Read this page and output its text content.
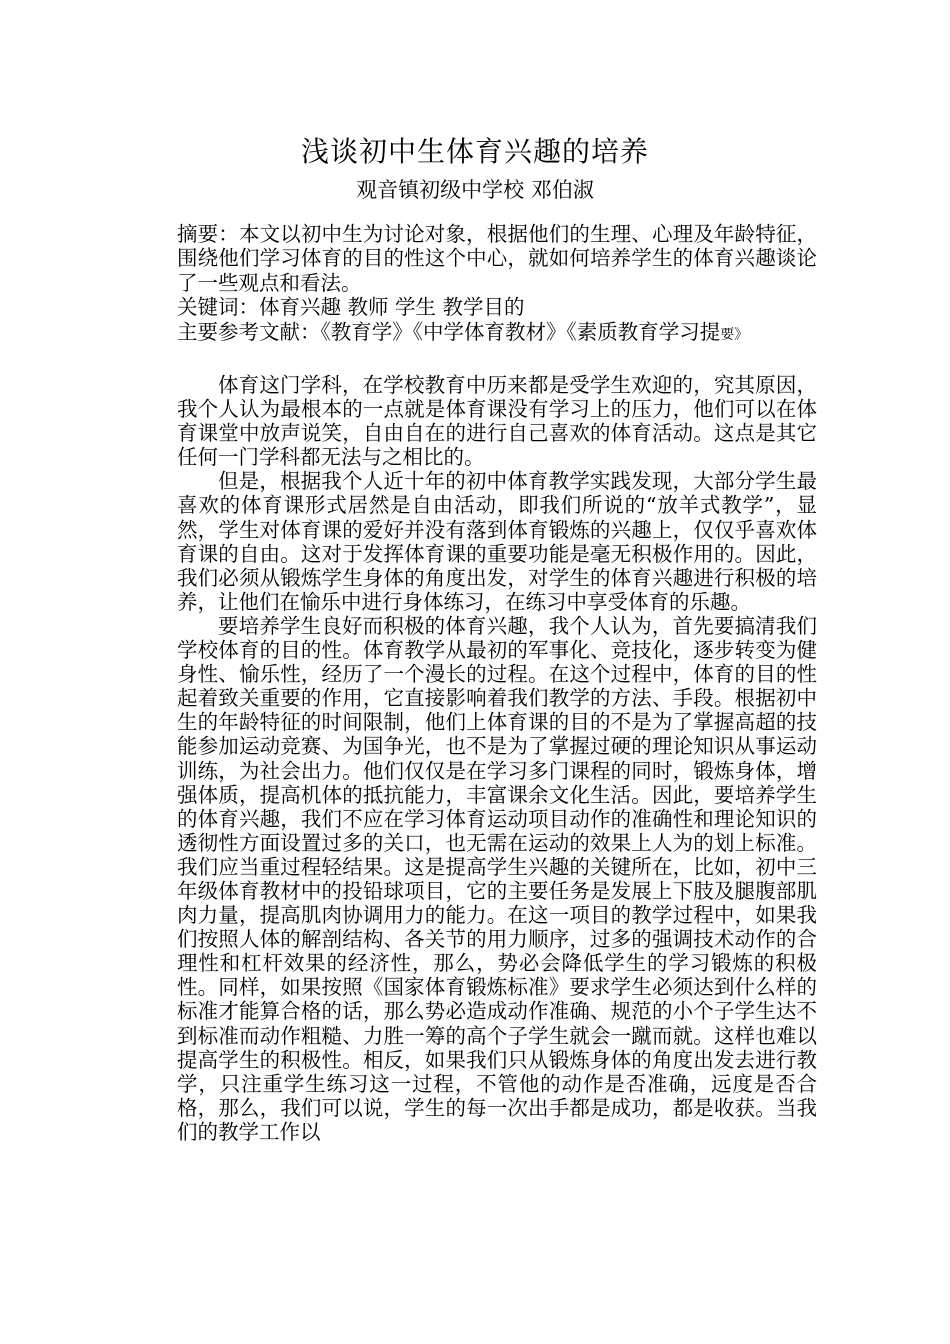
浅谈初中生体育兴趣的培养
观音镇初级中学校 邓伯淑

摘要：本文以初中生为讨论对象，根据他们的生理、心理及年龄特征，围绕他们学习体育的目的性这个中心，就如何培养学生的体育兴趣谈论了一些观点和看法。

关键词：体育兴趣 教师 学生 教学目的

主要参考文献：《教育学》《中学体育教材》《素质教育学习提要》

体育这门学科，在学校教育中历来都是受学生欢迎的，究其原因，我个人认为最根本的一点就是体育课没有学习上的压力，他们可以在体育课堂中放声说笑，自由自在的进行自己喜欢的体育活动。这点是其它任何一门学科都无法与之相比的。

但是，根据我个人近十年的初中体育教学实践发现，大部分学生最喜欢的体育课形式居然是自由活动，即我们所说的“放羊式教学”，显然，学生对体育课的爱好并没有落到体育锻炼的兴趣上，仅仅乎喜欢体育课的自由。这对于发挥体育课的重要功能是毫无积极作用的。因此，我们必须从锻炼学生身体的角度出发，对学生的体育兴趣进行积极的培养，让他们在愉乐中进行身体练习，在练习中享受体育的乐趣。

要培养学生良好而积极的体育兴趣，我个人认为，首先要搞清我们学校体育的目的性。体育教学从最初的军事化、竞技化，逐步转变为健身性、愉乐性，经历了一个漫长的过程。在这个过程中，体育的目的性起着致关重要的作用，它直接影响着我们教学的方法、手段。根据初中生的年龄特征的时间限制，他们上体育课的目的不是为了掌握高超的技能参加运动竞赛、为国争光，也不是为了掌握过硬的理论知识从事运动训练，为社会出力。他们仅仅是在学习多门课程的同时，锻炼身体，增强体质，提高机体的抵抗能力，丰富课余文化生活。因此，要培养学生的体育兴趣，我们不应在学习体育运动项目动作的准确性和理论知识的透彻性方面设置过多的关口，也无需在运动的效果上人为的划上标准。我们应当重过程轻结果。这是提高学生兴趣的关键所在，比如，初中三年级体育教材中的投铅球项目，它的主要任务是发展上下肢及腿腹部肌肉力量，提高肌肉协调用力的能力。在这一项目的教学过程中，如果我们按照人体的解剖结构、各关节的用力顺序，过多的强调技术动作的合理性和杠杆效果的经济性，那么，势必会降低学生的学习锻炼的积极性。同样，如果按照《国家体育锻炼标准》要求学生必须达到什么样的标准才能算合格的话，那么势必造成动作准确、规范的小个子学生达不到标准而动作粗糙、力胜一筹的高个子学生就会一蹴而就。这样也难以提高学生的积极性。相反，如果我们只从锻炼身体的角度出发去进行教学，只注重学生练习这一过程，不管他的动作是否准确，远度是否合格，那么，我们可以说，学生的每一次出手都是成功，都是收获。当我们的教学工作以
